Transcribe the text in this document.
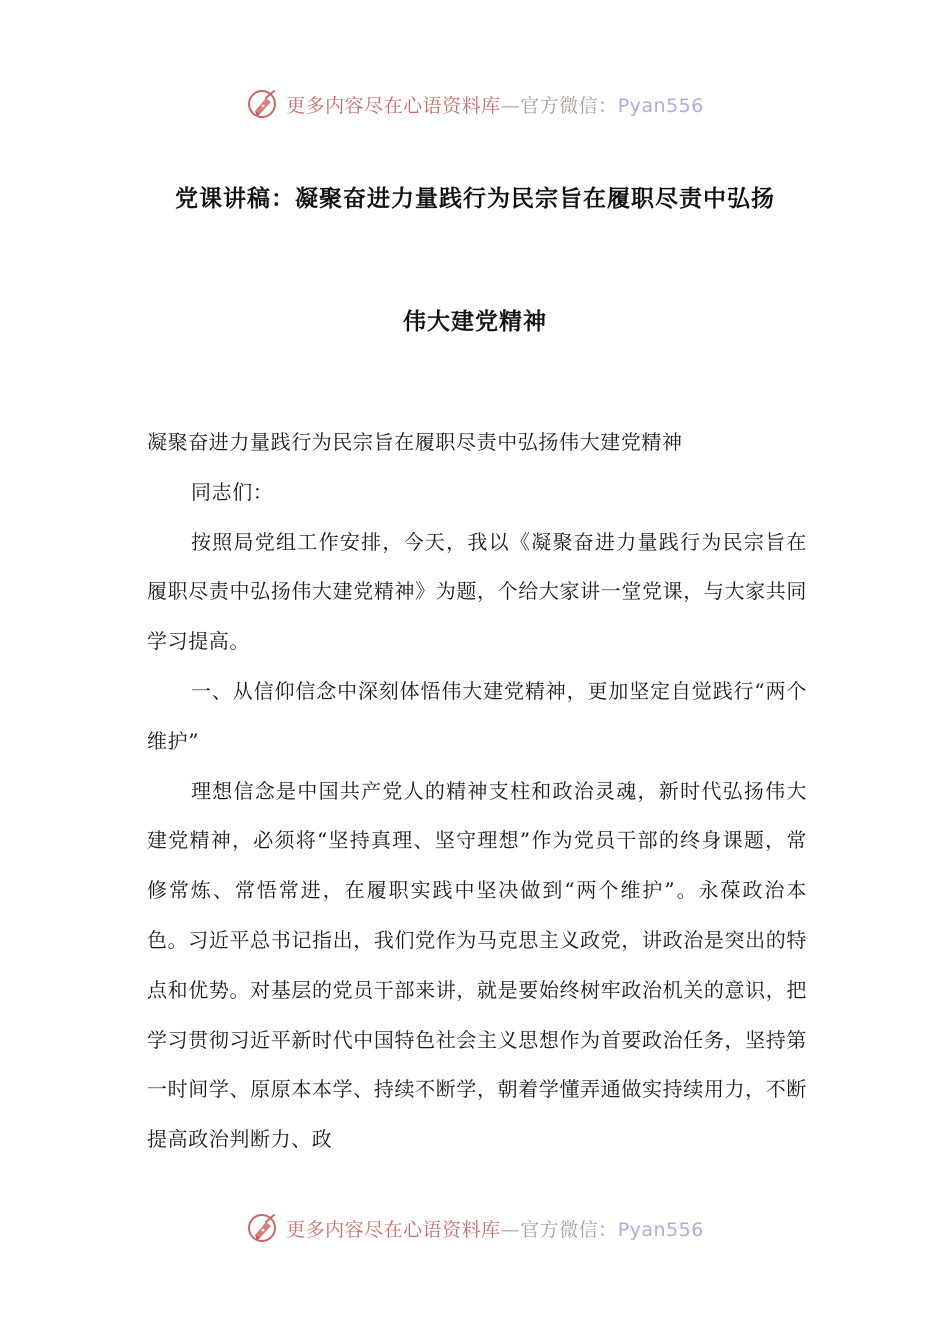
更多内容尽在心语资料库—官方微信：Pyan556
党课讲稿：凝聚奋进力量践行为民宗旨在履职尽责中弘扬
伟大建党精神

凝聚奋进力量践行为民宗旨在履职尽责中弘扬伟大建党精神

同志们：

按照局党组工作安排，今天，我以《凝聚奋进力量践行为民宗旨在履职尽责中弘扬伟大建党精神》为题，个给大家讲一堂党课，与大家共同学习提高。

一、从信仰信念中深刻体悟伟大建党精神，更加坚定自觉践行“两个维护”

理想信念是中国共产党人的精神支柱和政治灵魂，新时代弘扬伟大建党精神，必须将“坚持真理、坚守理想”作为党员干部的终身课题，常修常炼、常悟常进，在履职实践中坚决做到“两个维护”。永葆政治本色。习近平总书记指出，我们党作为马克思主义政党，讲政治是突出的特点和优势。对基层的党员干部来讲，就是要始终树牢政治机关的意识，把学习贯彻习近平新时代中国特色社会主义思想作为首要政治任务，坚持第一时间学、原原本本学、持续不断学，朝着学懂弄通做实持续用力，不断提高政治判断力、政

更多内容尽在心语资料库—官方微信：Pyan556
